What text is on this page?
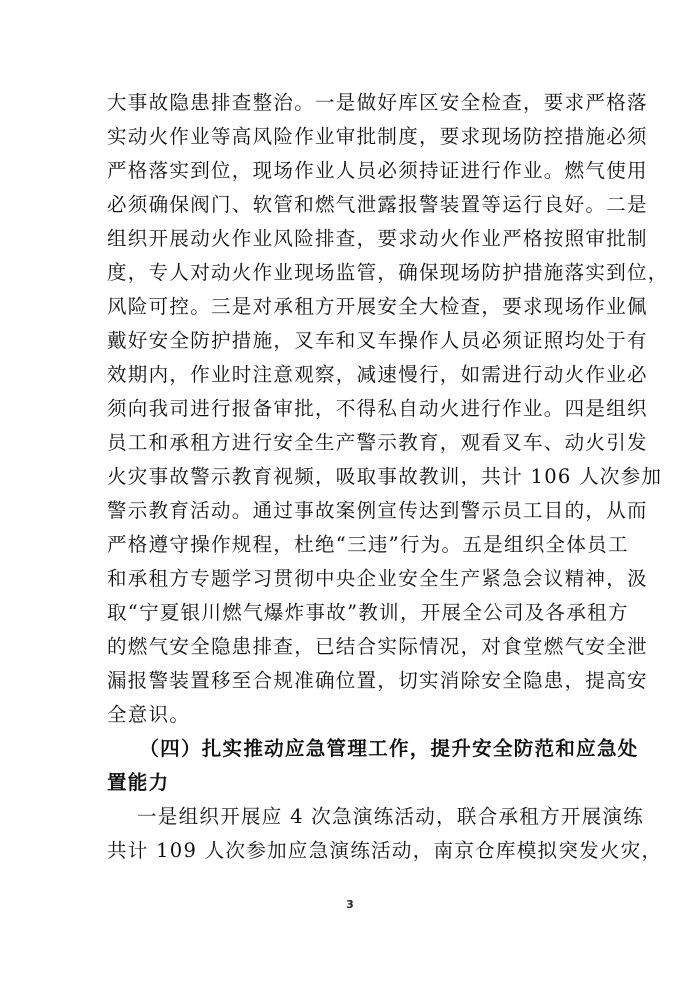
大事故隐患排查整治。一是做好库区安全检查，要求严格落
实动火作业等高风险作业审批制度，要求现场防控措施必须
严格落实到位，现场作业人员必须持证进行作业。燃气使用
必须确保阀门、软管和燃气泄露报警装置等运行良好。二是
组织开展动火作业风险排查，要求动火作业严格按照审批制
度，专人对动火作业现场监管，确保现场防护措施落实到位，
风险可控。三是对承租方开展安全大检查，要求现场作业佩
戴好安全防护措施，叉车和叉车操作人员必须证照均处于有
效期内，作业时注意观察，减速慢行，如需进行动火作业必
须向我司进行报备审批，不得私自动火进行作业。四是组织
员工和承租方进行安全生产警示教育，观看叉车、动火引发
火灾事故警示教育视频，吸取事故教训，共计 106 人次参加
警示教育活动。通过事故案例宣传达到警示员工目的，从而
严格遵守操作规程，杜绝“三违”行为。五是组织全体员工
和承租方专题学习贯彻中央企业安全生产紧急会议精神，汲
取“宁夏银川燃气爆炸事故”教训，开展全公司及各承租方
的燃气安全隐患排查，已结合实际情况，对食堂燃气安全泄
漏报警装置移至合规准确位置，切实消除安全隐患，提高安
全意识。
（四）扎实推动应急管理工作，提升安全防范和应急处
置能力
一是组织开展应 4 次急演练活动，联合承租方开展演练
共计 109 人次参加应急演练活动，南京仓库模拟突发火灾，
3
